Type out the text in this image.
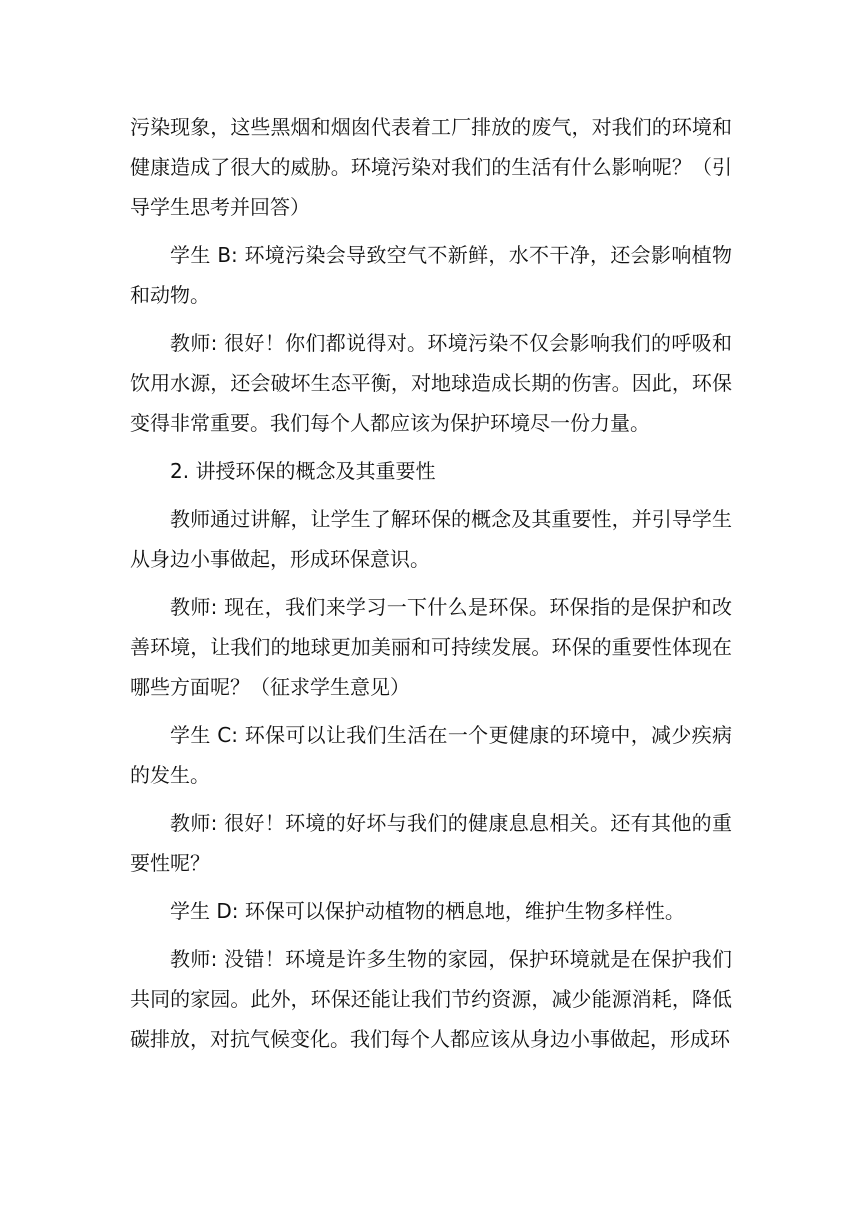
污染现象，这些黑烟和烟囱代表着工厂排放的废气，对我们的环境和健康造成了很大的威胁。环境污染对我们的生活有什么影响呢？（引导学生思考并回答）

学生 B: 环境污染会导致空气不新鲜，水不干净，还会影响植物和动物。

教师: 很好！你们都说得对。环境污染不仅会影响我们的呼吸和饮用水源，还会破坏生态平衡，对地球造成长期的伤害。因此，环保变得非常重要。我们每个人都应该为保护环境尽一份力量。

2. 讲授环保的概念及其重要性

教师通过讲解，让学生了解环保的概念及其重要性，并引导学生从身边小事做起，形成环保意识。

教师: 现在，我们来学习一下什么是环保。环保指的是保护和改善环境，让我们的地球更加美丽和可持续发展。环保的重要性体现在哪些方面呢？（征求学生意见）

学生 C: 环保可以让我们生活在一个更健康的环境中，减少疾病的发生。

教师: 很好！环境的好坏与我们的健康息息相关。还有其他的重要性呢？

学生 D: 环保可以保护动植物的栖息地，维护生物多样性。

教师: 没错！环境是许多生物的家园，保护环境就是在保护我们共同的家园。此外，环保还能让我们节约资源，减少能源消耗，降低碳排放，对抗气候变化。我们每个人都应该从身边小事做起，形成环
